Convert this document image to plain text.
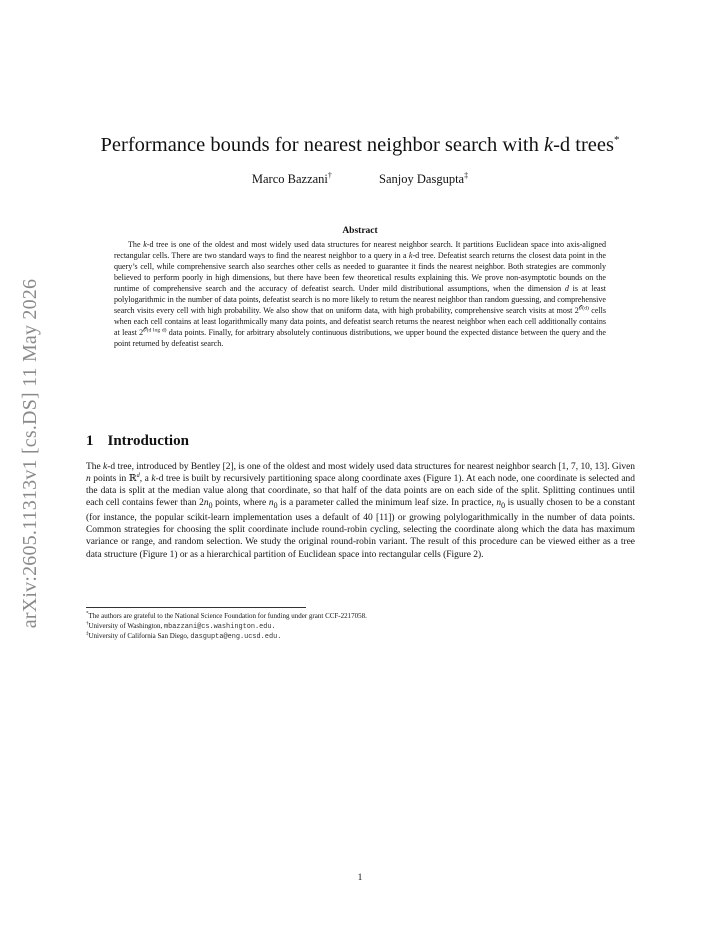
arXiv:2605.11313v1 [cs.DS] 11 May 2026
Performance bounds for nearest neighbor search with k-d trees*
Marco Bazzani†	Sanjoy Dasgupta‡
Abstract

The k-d tree is one of the oldest and most widely used data structures for nearest neighbor search. It partitions Euclidean space into axis-aligned rectangular cells. There are two standard ways to find the nearest neighbor to a query in a k-d tree. Defeatist search returns the closest data point in the query’s cell, while comprehensive search also searches other cells as needed to guarantee it finds the nearest neighbor. Both strategies are commonly believed to perform poorly in high dimensions, but there have been few theoretical results explaining this. We prove non-asymptotic bounds on the runtime of comprehensive search and the accuracy of defeatist search. Under mild distributional assumptions, when the dimension d is at least polylogarithmic in the number of data points, defeatist search is no more likely to return the nearest neighbor than random guessing, and comprehensive search visits every cell with high probability. We also show that on uniform data, with high probability, comprehensive search visits at most $2^{𝒪(d)}$ cells when each cell contains at least logarithmically many data points, and defeatist search returns the nearest neighbor when each cell additionally contains at least $2^{𝒪̃(d log d)}$ data points. Finally, for arbitrary absolutely continuous distributions, we upper bound the expected distance between the query and the point returned by defeatist search.

1 Introduction

The k-d tree, introduced by Bentley [2], is one of the oldest and most widely used data structures for nearest neighbor search [1, 7, 10, 13]. Given n points in ℝ$^d$, a k-d tree is built by recursively partitioning space along coordinate axes (Figure 1). At each node, one coordinate is selected and the data is split at the median value along that coordinate, so that half of the data points are on each side of the split. Splitting continues until each cell contains fewer than $2n_0$ points, where $n_0$ is a parameter called the minimum leaf size. In practice, $n_0$ is usually chosen to be a constant (for instance, the popular scikit-learn implementation uses a default of 40 [11]) or growing polylogarithmically in the number of data points. Common strategies for choosing the split coordinate include round-robin cycling, selecting the coordinate along which the data has maximum variance or range, and random selection. We study the original round-robin variant. The result of this procedure can be viewed either as a tree data structure (Figure 1) or as a hierarchical partition of Euclidean space into rectangular cells (Figure 2).

*The authors are grateful to the National Science Foundation for funding under grant CCF-2217058.
†University of Washington, mbazzani@cs.washington.edu.
‡University of California San Diego, dasgupta@eng.ucsd.edu.
1
